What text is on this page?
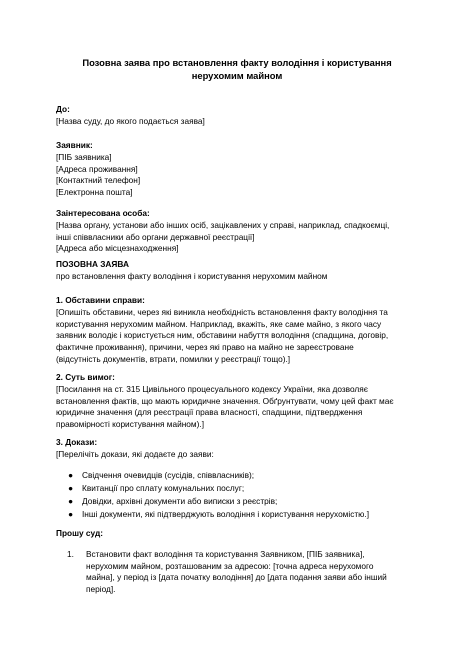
Позовна заява про встановлення факту володіння і користування
нерухомим майном
До:
[Назва суду, до якого подається заява]
Заявник:
[ПІБ заявника]
[Адреса проживання]
[Контактний телефон]
[Електронна пошта]
Заінтересована особа:
[Назва органу, установи або інших осіб, зацікавлених у справі, наприклад, спадкоємці,
інші співвласники або органи державної реєстрації]
[Адреса або місцезнаходження]
ПОЗОВНА ЗАЯВА
про встановлення факту володіння і користування нерухомим майном
1. Обставини справи:
[Опишіть обставини, через які виникла необхідність встановлення факту володіння та
користування нерухомим майном. Наприклад, вкажіть, яке саме майно, з якого часу
заявник володіє і користується ним, обставини набуття володіння (спадщина, договір,
фактичне проживання), причини, через які право на майно не зареєстроване
(відсутність документів, втрати, помилки у реєстрації тощо).]
2. Суть вимог:
[Посилання на ст. 315 Цивільного процесуального кодексу України, яка дозволяє
встановлення фактів, що мають юридичне значення. Обґрунтувати, чому цей факт має
юридичне значення (для реєстрації права власності, спадщини, підтвердження
правомірності користування майном).]
3. Докази:
[Перелічіть докази, які додаєте до заяви:
● Свідчення очевидців (сусідів, співвласників);
● Квитанції про сплату комунальних послуг;
● Довідки, архівні документи або виписки з реєстрів;
● Інші документи, які підтверджують володіння і користування нерухомістю.]
Прошу суд:
1. Встановити факт володіння та користування Заявником, [ПІБ заявника],
нерухомим майном, розташованим за адресою: [точна адреса нерухомого
майна], у період із [дата початку володіння] до [дата подання заяви або інший
період].
